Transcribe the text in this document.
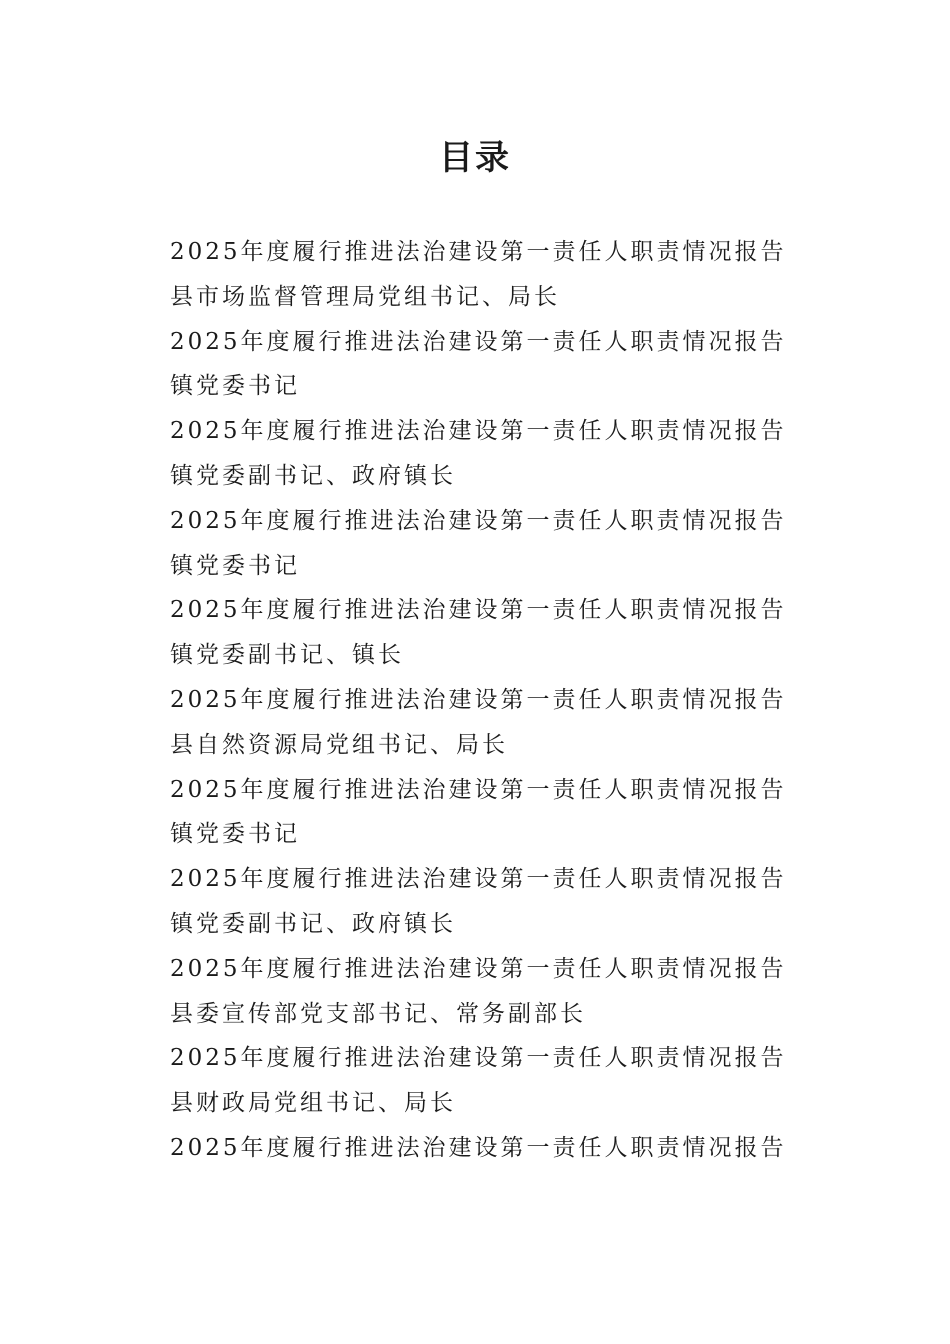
目录
2025年度履行推进法治建设第一责任人职责情况报告
县市场监督管理局党组书记、局长
2025年度履行推进法治建设第一责任人职责情况报告
镇党委书记
2025年度履行推进法治建设第一责任人职责情况报告
镇党委副书记、政府镇长
2025年度履行推进法治建设第一责任人职责情况报告
镇党委书记
2025年度履行推进法治建设第一责任人职责情况报告
镇党委副书记、镇长
2025年度履行推进法治建设第一责任人职责情况报告
县自然资源局党组书记、局长
2025年度履行推进法治建设第一责任人职责情况报告
镇党委书记
2025年度履行推进法治建设第一责任人职责情况报告
镇党委副书记、政府镇长
2025年度履行推进法治建设第一责任人职责情况报告
县委宣传部党支部书记、常务副部长
2025年度履行推进法治建设第一责任人职责情况报告
县财政局党组书记、局长
2025年度履行推进法治建设第一责任人职责情况报告
